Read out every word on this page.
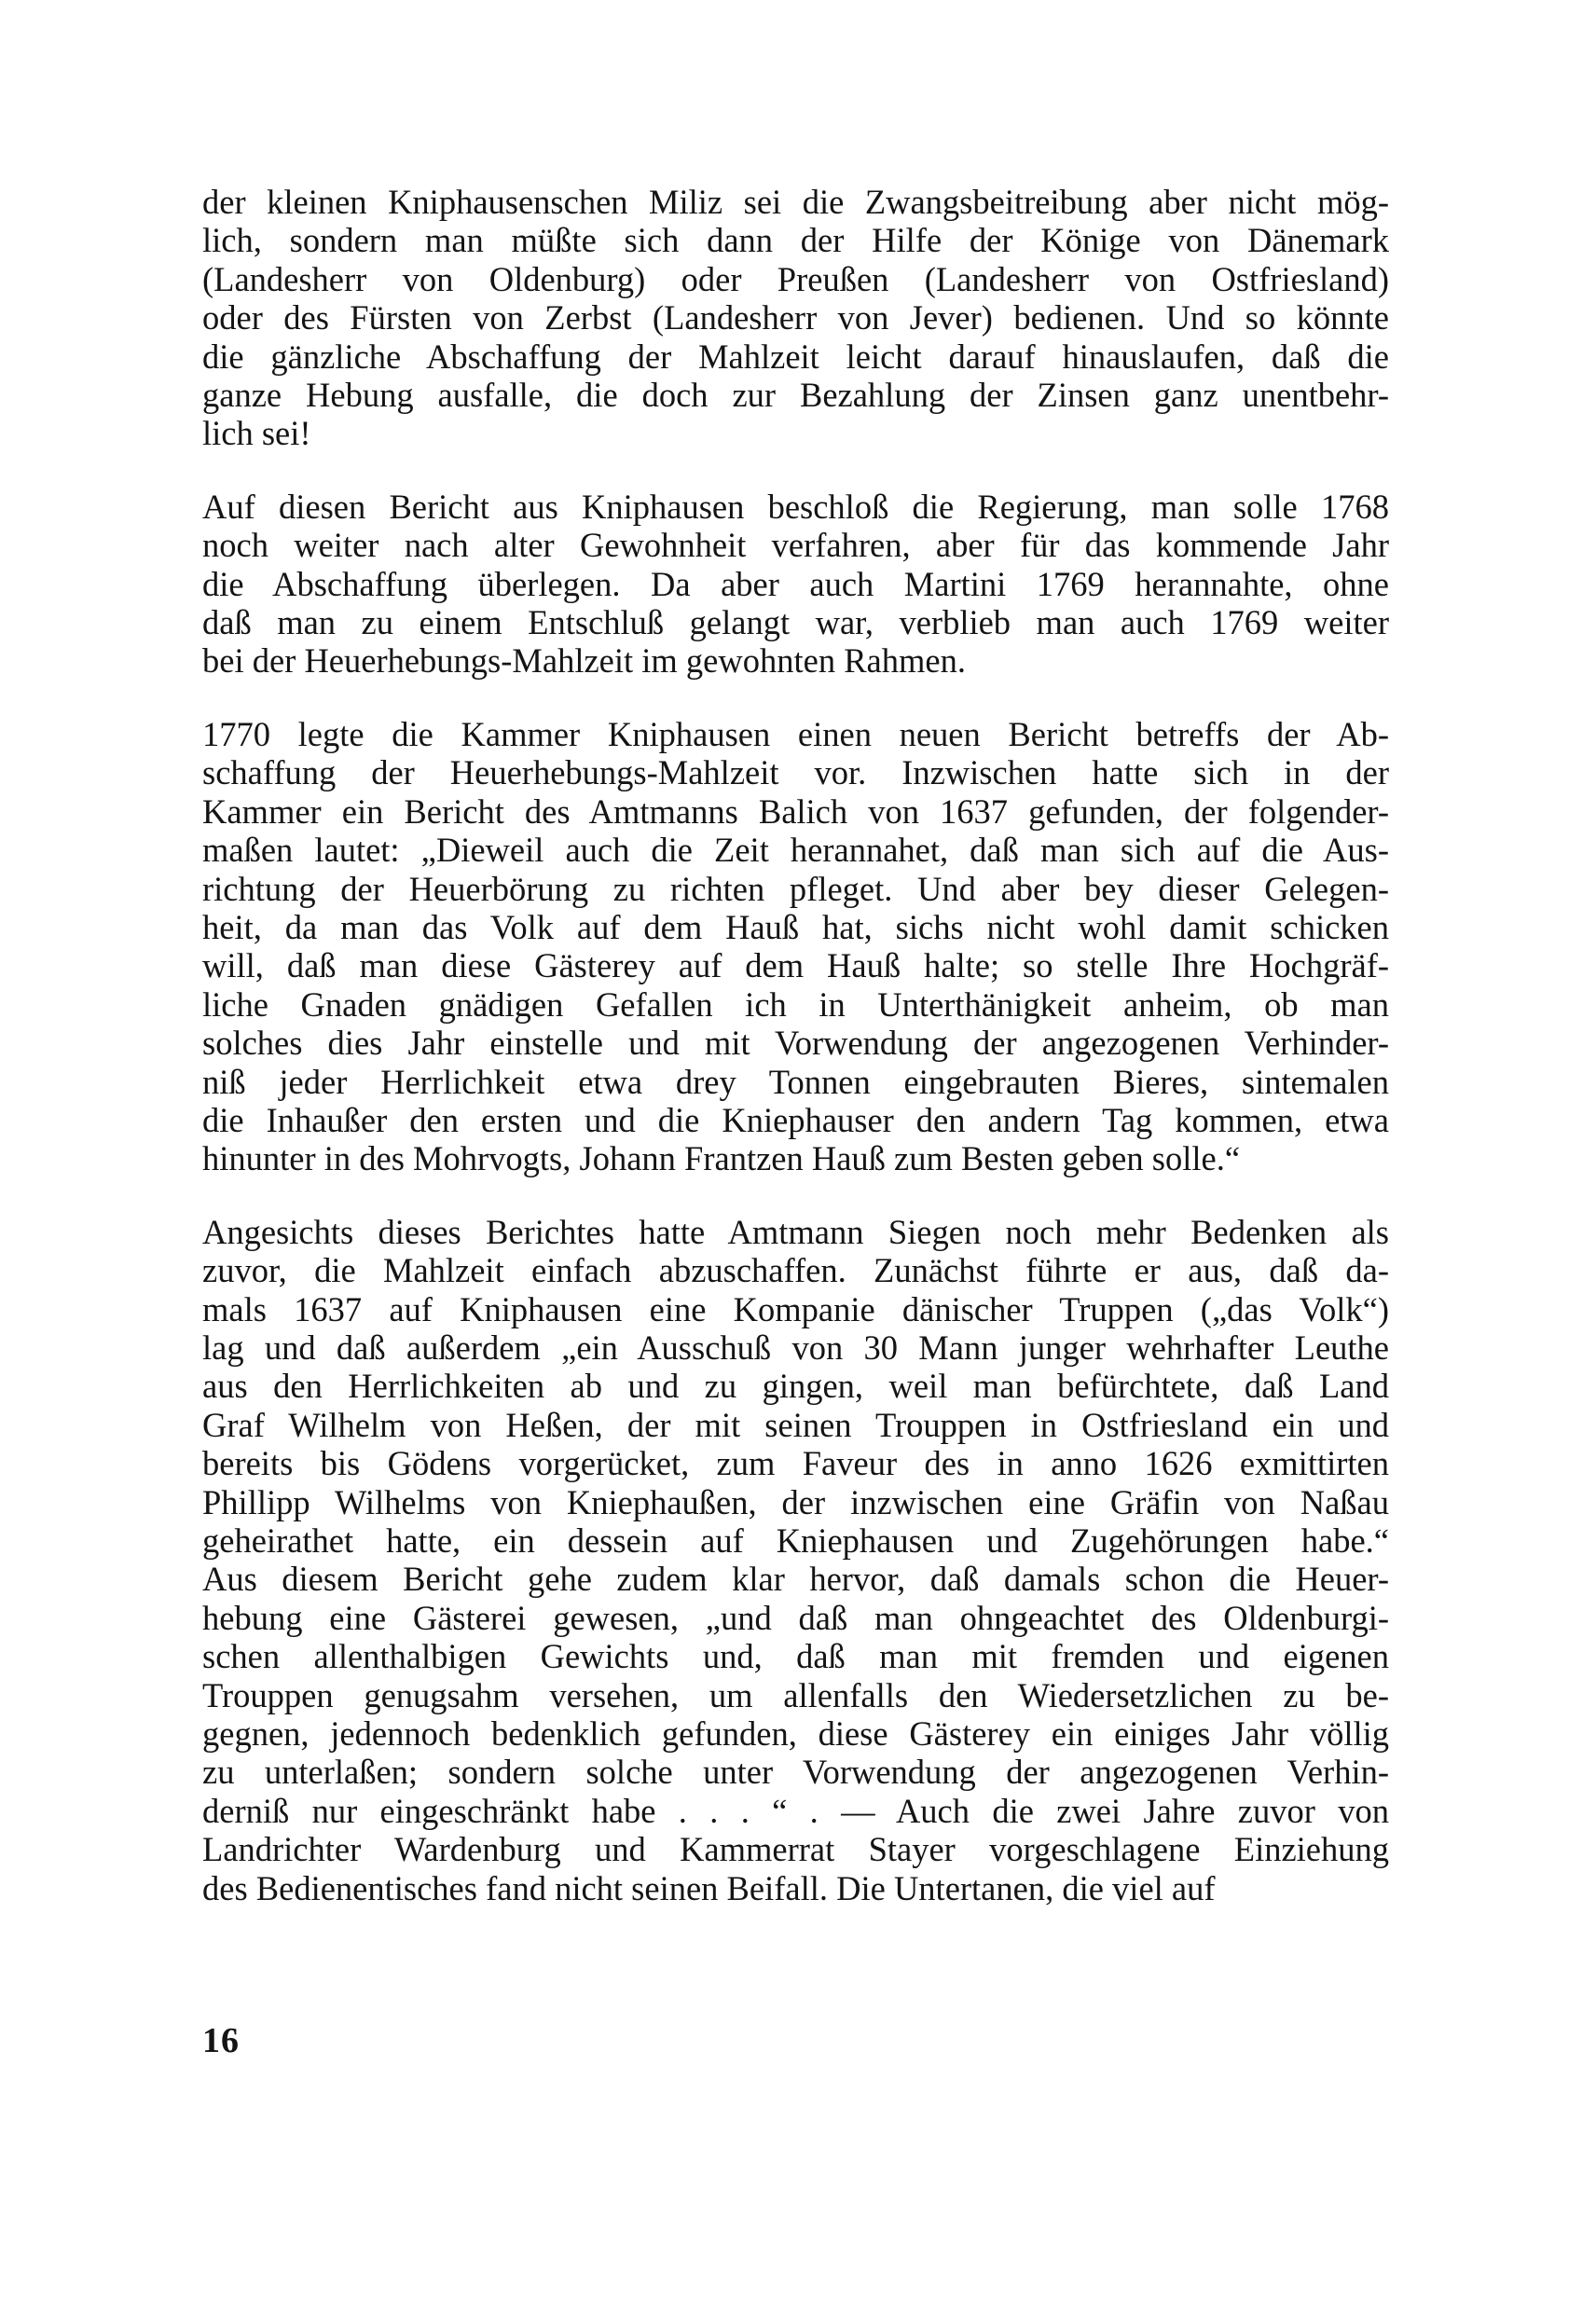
der kleinen Kniphausenschen Miliz sei die Zwangsbeitreibung aber nicht mög-
lich, sondern man müßte sich dann der Hilfe der Könige von Dänemark
(Landesherr von Oldenburg) oder Preußen (Landesherr von Ostfriesland)
oder des Fürsten von Zerbst (Landesherr von Jever) bedienen. Und so könnte
die gänzliche Abschaffung der Mahlzeit leicht darauf hinauslaufen, daß die
ganze Hebung ausfalle, die doch zur Bezahlung der Zinsen ganz unentbehr-
lich sei!

Auf diesen Bericht aus Kniphausen beschloß die Regierung, man solle 1768
noch weiter nach alter Gewohnheit verfahren, aber für das kommende Jahr
die Abschaffung überlegen. Da aber auch Martini 1769 herannahte, ohne
daß man zu einem Entschluß gelangt war, verblieb man auch 1769 weiter
bei der Heuerhebungs-Mahlzeit im gewohnten Rahmen.

1770 legte die Kammer Kniphausen einen neuen Bericht betreffs der Ab-
schaffung der Heuerhebungs-Mahlzeit vor. Inzwischen hatte sich in der
Kammer ein Bericht des Amtmanns Balich von 1637 gefunden, der folgender-
maßen lautet: „Dieweil auch die Zeit herannahet, daß man sich auf die Aus-
richtung der Heuerbörung zu richten pfleget. Und aber bey dieser Gelegen-
heit, da man das Volk auf dem Hauß hat, sichs nicht wohl damit schicken
will, daß man diese Gästerey auf dem Hauß halte; so stelle Ihre Hochgräf-
liche Gnaden gnädigen Gefallen ich in Unterthänigkeit anheim, ob man
solches dies Jahr einstelle und mit Vorwendung der angezogenen Verhinder-
niß jeder Herrlichkeit etwa drey Tonnen eingebrauten Bieres, sintemalen
die Inhaußer den ersten und die Kniephauser den andern Tag kommen, etwa
hinunter in des Mohrvogts, Johann Frantzen Hauß zum Besten geben solle.“

Angesichts dieses Berichtes hatte Amtmann Siegen noch mehr Bedenken als
zuvor, die Mahlzeit einfach abzuschaffen. Zunächst führte er aus, daß da-
mals 1637 auf Kniphausen eine Kompanie dänischer Truppen („das Volk“)
lag und daß außerdem „ein Ausschuß von 30 Mann junger wehrhafter Leuthe
aus den Herrlichkeiten ab und zu gingen, weil man befürchtete, daß Land
Graf Wilhelm von Heßen, der mit seinen Trouppen in Ostfriesland ein und
bereits bis Gödens vorgerücket, zum Faveur des in anno 1626 exmittirten
Phillipp Wilhelms von Kniephaußen, der inzwischen eine Gräfin von Naßau
geheirathet hatte, ein dessein auf Kniephausen und Zugehörungen habe.“
Aus diesem Bericht gehe zudem klar hervor, daß damals schon die Heuer-
hebung eine Gästerei gewesen, „und daß man ohngeachtet des Oldenburgi-
schen allenthalbigen Gewichts und, daß man mit fremden und eigenen
Trouppen genugsahm versehen, um allenfalls den Wiedersetzlichen zu be-
gegnen, jedennoch bedenklich gefunden, diese Gästerey ein einiges Jahr völlig
zu unterlaßen; sondern solche unter Vorwendung der angezogenen Verhin-
derniß nur eingeschränkt habe . . . “ . — Auch die zwei Jahre zuvor von
Landrichter Wardenburg und Kammerrat Stayer vorgeschlagene Einziehung
des Bedienentisches fand nicht seinen Beifall. Die Untertanen, die viel auf

16
